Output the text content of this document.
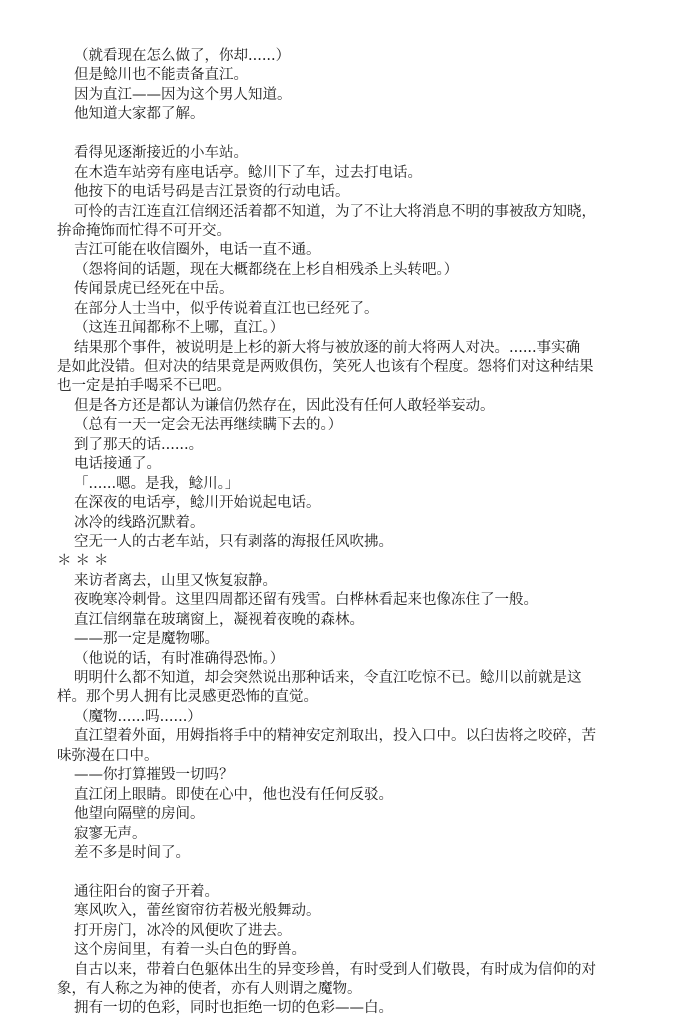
（就看现在怎么做了，你却......）
但是鲶川也不能责备直江。
因为直江——因为这个男人知道。
他知道大家都了解。
看得见逐渐接近的小车站。
在木造车站旁有座电话亭。鲶川下了车，过去打电话。
他按下的电话号码是吉江景资的行动电话。
可怜的吉江连直江信纲还活着都不知道，为了不让大将消息不明的事被敌方知晓，
拚命掩饰而忙得不可开交。
吉江可能在收信圈外，电话一直不通。
（怨将间的话题，现在大概都绕在上杉自相残杀上头转吧。）
传闻景虎已经死在中岳。
在部分人士当中，似乎传说着直江也已经死了。
（这连丑闻都称不上哪，直江。）
结果那个事件，被说明是上杉的新大将与被放逐的前大将两人对决。......事实确
是如此没错。但对决的结果竟是两败俱伤，笑死人也该有个程度。怨将们对这种结果
也一定是拍手喝采不已吧。
但是各方还是都认为谦信仍然存在，因此没有任何人敢轻举妄动。
（总有一天一定会无法再继续瞒下去的。）
到了那天的话......。
电话接通了。
「......嗯。是我，鲶川。」
在深夜的电话亭，鲶川开始说起电话。
冰冷的线路沉默着。
空无一人的古老车站，只有剥落的海报任风吹拂。
＊＊＊
来访者离去，山里又恢复寂静。
夜晚寒冷刺骨。这里四周都还留有残雪。白桦林看起来也像冻住了一般。
直江信纲靠在玻璃窗上，凝视着夜晚的森林。
——那一定是魔物哪。
（他说的话，有时准确得恐怖。）
明明什么都不知道，却会突然说出那种话来，令直江吃惊不已。鲶川以前就是这
样。那个男人拥有比灵感更恐怖的直觉。
（魔物......吗......）
直江望着外面，用姆指将手中的精神安定剂取出，投入口中。以臼齿将之咬碎，苦
味弥漫在口中。
——你打算摧毁一切吗？
直江闭上眼睛。即使在心中，他也没有任何反驳。
他望向隔壁的房间。
寂寥无声。
差不多是时间了。
通往阳台的窗子开着。
寒风吹入，蕾丝窗帘彷若极光般舞动。
打开房门，冰冷的风便吹了进去。
这个房间里，有着一头白色的野兽。
自古以来，带着白色躯体出生的异变珍兽，有时受到人们敬畏，有时成为信仰的对
象，有人称之为神的使者，亦有人则谓之魔物。
拥有一切的色彩，同时也拒绝一切的色彩——白。
